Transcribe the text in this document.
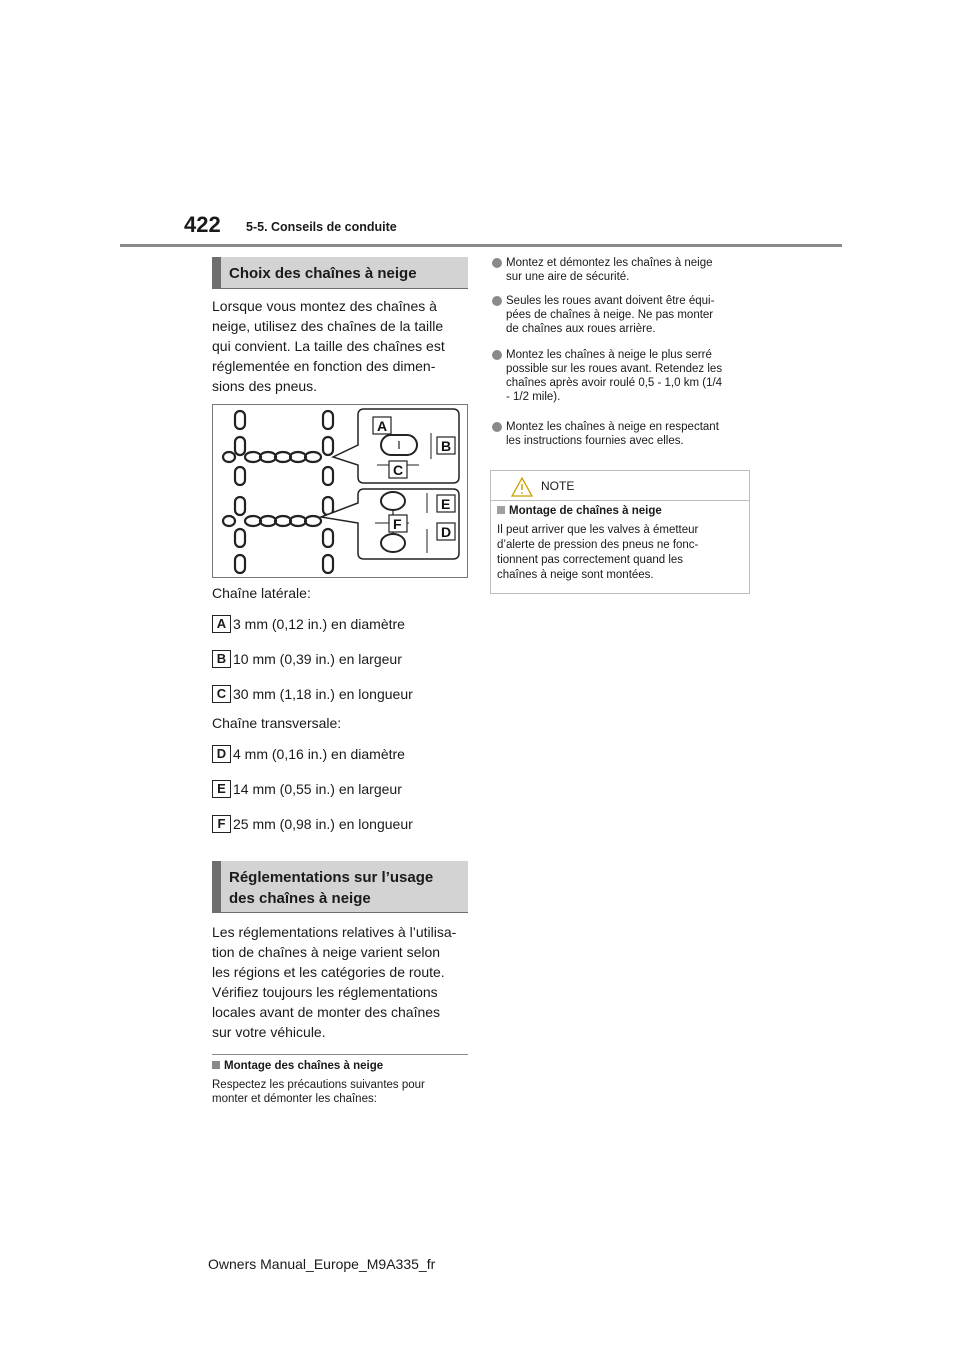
422 5-5. Conseils de conduite
Choix des chaînes à neige
Lorsque vous montez des chaînes à
neige, utilisez des chaînes de la taille
qui convient. La taille des chaînes est
réglementée en fonction des dimen-
sions des pneus.
A
B
C
E
F	D
Chaîne latérale:
A 3 mm (0,12 in.) en diamètre
B 10 mm (0,39 in.) en largeur
C 30 mm (1,18 in.) en longueur
Chaîne transversale:
D 4 mm (0,16 in.) en diamètre
E 14 mm (0,55 in.) en largeur
F 25 mm (0,98 in.) en longueur
Réglementations sur l’usage
des chaînes à neige
Les réglementations relatives à l’utilisa-
tion de chaînes à neige varient selon
les régions et les catégories de route.
Vérifiez toujours les réglementations
locales avant de monter des chaînes
sur votre véhicule.
Montage des chaînes à neige
Respectez les précautions suivantes pour
monter et démonter les chaînes:
Montez et démontez les chaînes à neige
sur une aire de sécurité.
Seules les roues avant doivent être équi-
pées de chaînes à neige. Ne pas monter
de chaînes aux roues arrière.
Montez les chaînes à neige le plus serré
possible sur les roues avant. Retendez les
chaînes après avoir roulé 0,5 - 1,0 km (1/4
- 1/2 mile).
Montez les chaînes à neige en respectant
les instructions fournies avec elles.
NOTE
Montage de chaînes à neige
Il peut arriver que les valves à émetteur
d’alerte de pression des pneus ne fonc-
tionnent pas correctement quand les
chaînes à neige sont montées.
Owners Manual_Europe_M9A335_fr
